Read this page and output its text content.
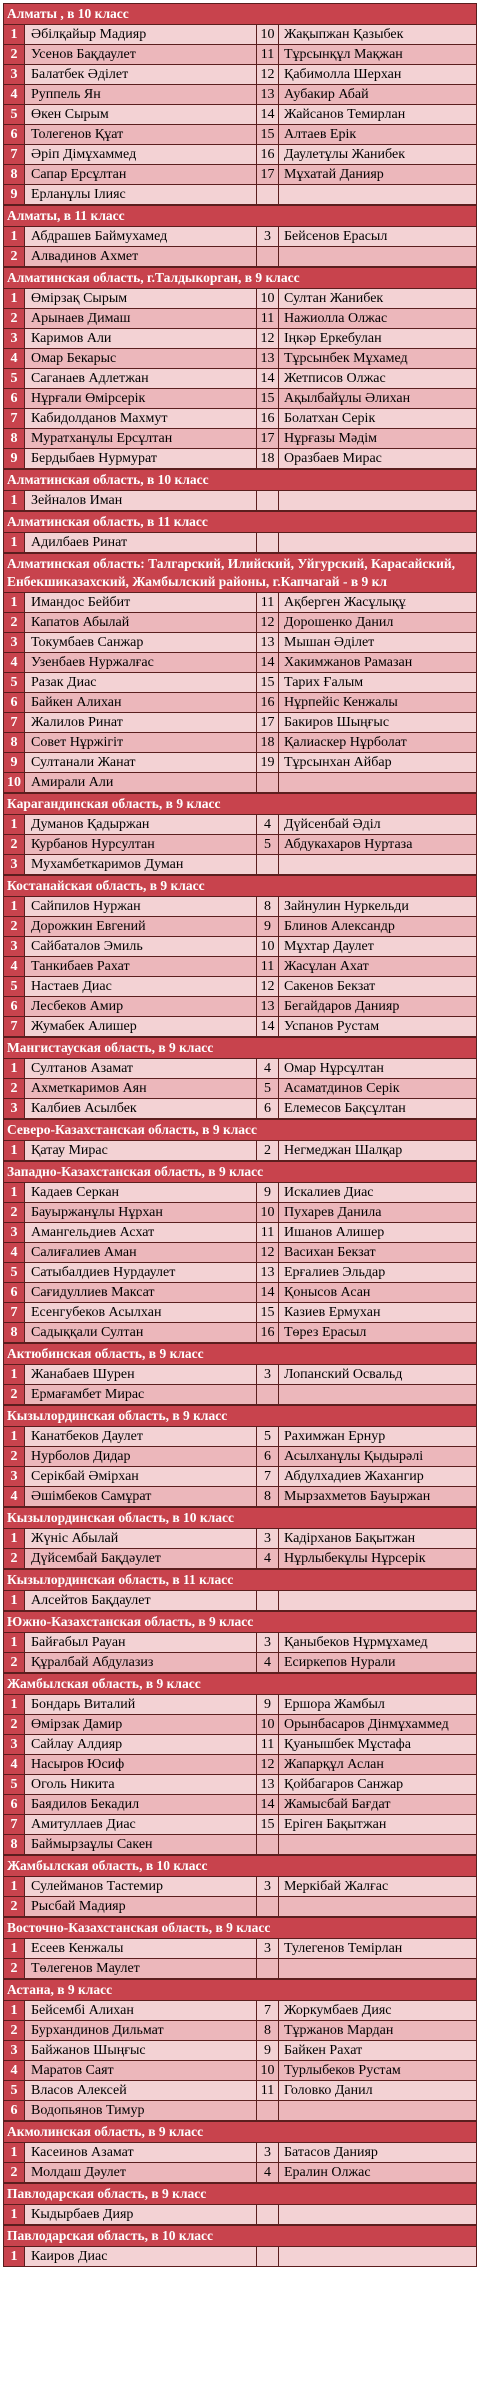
Алматы , в 10 класс
1 Әбілқайыр Мадияр	10 Жақыпжан Қазыбек
2 Усенов Бақдаулет	11 Тұрсынқұл Мақжан
3 Балатбек Әділет	12 Қабимолла Шерхан
4 Руппель Ян	13 Аубакир Абай
5 Өкен Сырым	14 Жайсанов Темирлан
6 Толегенов Құат	15 Алтаев Ерік
7 Әріп Дімұхаммед	16 Даулетұлы Жанибек
8 Сапар Ерсұлтан	17 Мұхатай Данияр
9 Ерланұлы Ілияс
Алматы, в 11 класс
1 Абдрашев Баймухамед	3 Бейсенов Ерасыл
2 Алвадинов Ахмет
Алматинская область, г.Талдыкорган, в 9 класс
1 Өмірзақ Сырым	10 Султан Жанибек
2 Арынаев Димаш	11 Нажиолла Олжас
3 Каримов Али	12 Іңкәр Еркебулан
4 Омар Бекарыс	13 Тұрсынбек Мұхамед
5 Саганаев Адлетжан	14 Жетписов Олжас
6 Нұрғали Өмірсерік	15 Ақылбайұлы Әлихан
7 Кабидолданов Махмут	16 Болатхан Серік
8 Муратханұлы Ерсұлтан	17 Нұрғазы Мәдім
9 Бердыбаев Нурмурат	18 Оразбаев Мирас
Алматинская область, в 10 класс
1 Зейналов Иман
Алматинская область, в 11 класс
1 Адилбаев Ринат
Алматинская область: Талгарский, Илийский, Уйгурский, Карасайский, Енбекшиказахский, Жамбылский районы, г.Капчагай - в 9 кл
1 Имандос Бейбит	11 Ақберген Жасұлықұ
2 Капатов Абылай	12 Дорошенко Данил
3 Токумбаев Санжар	13 Мышан Әділет
4 Узенбаев Нуржалғас	14 Хакимжанов Рамазан
5 Разак Диас	15 Тарих Ғалым
6 Байкен Алихан	16 Нұрпейіс Кенжалы
7 Жалилов Ринат	17 Бакиров Шыңғыс
8 Совет Нұржігіт	18 Қалиаскер Нұрболат
9 Султанали Жанат	19 Тұрсынхан Айбар
10 Амирали Али
Карагандинская область, в 9 класс
1 Думанов Қадыржан	4 Дүйсенбай Әділ
2 Курбанов Нурсултан	5 Абдукахаров Нуртаза
3 Мухамбеткаримов Думан
Костанайская область, в 9 класс
1 Сайпилов Нуржан	8 Зайнулин Нуркельди
2 Дорожкин Евгений	9 Блинов Александр
3 Сайбаталов Эмиль	10 Мұхтар Даулет
4 Танкибаев Рахат	11 Жасұлан Ахат
5 Настаев Диас	12 Сакенов Бекзат
6 Лесбеков Амир	13 Бегайдаров Данияр
7 Жумабек Алишер	14 Успанов Рустам
Мангистауская область, в 9 класс
1 Султанов Азамат	4 Омар Нұрсұлтан
2 Ахметкаримов Аян	5 Асаматдинов Серік
3 Калбиев Асылбек	6 Елемесов Бақсұлтан
Северо-Казахстанская область, в 9 класс
1 Қатау Мирас	2 Негмеджан Шалқар
Западно-Казахстанская область, в 9 класс
1 Кадаев Серкан	9 Искалиев Диас
2 Бауыржанұлы Нұрхан	10 Пухарев Данила
3 Амангельдиев Асхат	11 Ишанов Алишер
4 Салиғалиев Аман	12 Васихан Бекзат
5 Сатыбалдиев Нурдаулет	13 Ерғалиев Эльдар
6 Сағидуллиев Максат	14 Қонысов Асан
7 Есенгубеков Асылхан	15 Казиев Ермухан
8 Садыққали Султан	16 Төрез Ерасыл
Актюбинская область, в 9 класс
1 Жанабаев Шурен	3 Лопанский Освальд
2 Ермағамбет Мирас
Кызылординская область, в 9 класс
1 Канатбеков Даулет	5 Рахимжан Ернур
2 Нурболов Дидар	6 Асылханұлы Қыдырәлі
3 Серікбай Әмірхан	7 Абдулхадиев Жахангир
4 Әшімбеков Самұрат	8 Мырзахметов Бауыржан
Кызылординская область, в 10 класс
1 Жүніс Абылай	3 Кадірханов Бақытжан
2 Дүйсембай Бақдәулет	4 Нұрлыбекұлы Нұрсерік
Кызылординская область, в 11 класс
1 Алсейтов Бақдаулет
Южно-Казахстанская область, в 9 класс
1 Байғабыл Рауан	3 Қаныбеков Нұрмұхамед
2 Құралбай Абдулазиз	4 Есиркепов Нурали
Жамбылская область, в 9 класс
1 Бондарь Виталий	9 Ершора Жамбыл
2 Өмірзак Дамир	10 Орынбасаров Дінмұхаммед
3 Сайлау Алдияр	11 Қуанышбек Мұстафа
4 Насыров Юсиф	12 Жапарқұл Аслан
5 Оголь Никита	13 Қойбагаров Санжар
6 Баядилов Бекадил	14 Жамысбай Бағдат
7 Амитуллаев Диас	15 Еріген Бақытжан
8 Баймырзаұлы Сакен
Жамбылская область, в 10 класс
1 Сулейманов Тастемир	3 Меркібай Жалғас
2 Рысбай Мадияр
Восточно-Казахстанская область, в 9 класс
1 Есеев Кенжалы	3 Тулегенов Темірлан
2 Төлегенов Маулет
Астана, в 9 класс
1 Бейсембі Алихан	7 Жоркумбаев Дияс
2 Бурхандинов Дильмат	8 Тұржанов Мардан
3 Байжанов Шыңғыс	9 Байкен Рахат
4 Маратов Саят	10 Турлыбеков Рустам
5 Власов Алексей	11 Головко Данил
6 Водопьянов Тимур
Акмолинская область, в 9 класс
1 Касеинов Азамат	3 Батасов Данияр
2 Молдаш Дәулет	4 Ералин Олжас
Павлодарская область, в 9 класс
1 Кыдырбаев Дияр
Павлодарская область, в 10 класс
1 Каиров Диас
